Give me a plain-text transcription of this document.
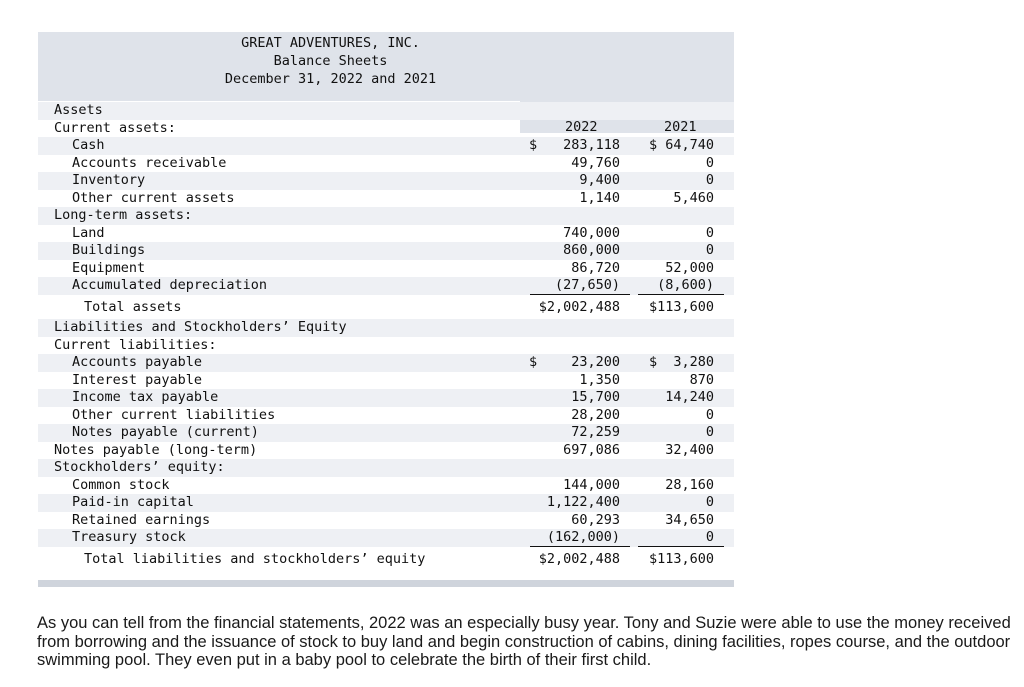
GREAT ADVENTURES, INC.
Balance Sheets
December 31, 2022 and 2021
2022	2021
Assets
Current assets:
Cash	$ 283,118 $ 64,740
Accounts receivable	49,760	0
Inventory	9,400	0
Other current assets	1,140	5,460
Long-term assets:
Land	740,000	0
Buildings	860,000	0
Equipment	86,720	52,000
Accumulated depreciation	(27,650)	(8,600)
Total assets	$2,002,488 $113,600
Liabilities and Stockholders’ Equity
Current liabilities:
Accounts payable	$	23,200 $  3,280
Interest payable	1,350	870
Income tax payable	15,700	14,240
Other current liabilities	28,200	0
Notes payable (current)	72,259	0
Notes payable (long-term)	697,086	32,400
Stockholders’ equity:
Common stock	144,000	28,160
Paid-in capital	1,122,400	0
Retained earnings	60,293	34,650
Treasury stock	(162,000)	0
Total liabilities and stockholders’ equity	$2,002,488 $113,600
As you can tell from the financial statements, 2022 was an especially busy year. Tony and Suzie were able to use the money received from borrowing and the issuance of stock to buy land and begin construction of cabins, dining facilities, ropes course, and the outdoor swimming pool. They even put in a baby pool to celebrate the birth of their first child.
